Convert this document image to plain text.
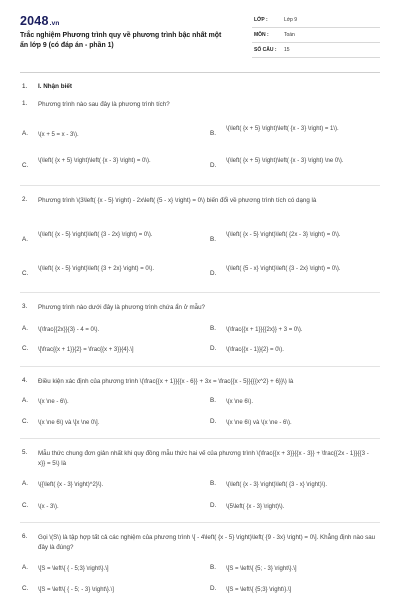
2048.vn
Trắc nghiệm Phương trình quy về phương trình bậc nhất một ẩn lớp 9 (có đáp án - phần 1)
LỚP :	Lớp 9
MÔN :	Toán
SỐ CÂU : 15
1. I. Nhận biết
1. Phương trình nào sau đây là phương trình tích?
A. \(x + 5 = x - 3\).	B.
\(\left( {x + 5} \right)\left( {x - 3} \right) = 1\).
C.
\(\left( {x + 5} \right)\left( {x - 3} \right) = 0\).
D.
\(\left( {x + 5} \right)\left( {x - 3} \right) \ne 0\).
2. Phương trình \(3\left( {x - 5} \right) - 2x\left( {5 - x} \right) = 0\) biến đổi về phương trình tích có dạng là
A.
\(\left( {x - 5} \right)\left( {3 - 2x} \right) = 0\).
B.
\(\left( {x - 5} \right)\left( {2x - 3} \right) = 0\).
C.
\(\left( {x - 5} \right)\left( {3 + 2x} \right) = 0\).
D.
\(\left( {5 - x} \right)\left( {3 - 2x} \right) = 0\).
3. Phương trình nào dưới đây là phương trình chứa ẩn ở mẫu?
A. \(\frac{{2x}}{3} - 4 = 0\).	B. \(\frac{{x + 1}}{{2x}} + 3 = 0\).
C. \[\frac{{x + 1}}{2} = \frac{{x + 3}}{4}.\]	D. \(\frac{{x - 1}}{2} = 0\).
4. Điều kiện xác định của phương trình \(\frac{{x + 1}}{{x - 6}} + 3x = \frac{{x - 5}}{{{x^2} + 6}}\) là
A. \(x \ne - 6\).	B. \(x \ne 6\).
C. \(x \ne 6\) và \[x \ne 0\].	D. \(x \ne 6\) và \(x \ne - 6\).
5. Mẫu thức chung đơn giản nhất khi quy đồng mẫu thức hai vế của phương trình \(\frac{{x + 3}}{{x - 3}} + \frac{{2x - 1}}{{3 - x}} = 5\) là
A. \({\left( {x - 3} \right)^2}\).	B. \(\left( {x - 3} \right)\left( {3 - x} \right)\).
C. \(x - 3\).	D. \(5\left( {x - 3} \right)\).
6. Gọi \(S\) là tập hợp tất cả các nghiệm của phương trình \[ - 4\left( {x - 5} \right)\left( {9 - 3x} \right) = 0\]. Khẳng định nào sau đây là đúng?
A. \[S = \left\{ { - 5;3} \right\}.\]	B. \[S = \left\{ {5; - 3} \right\}.\]
C. \[S = \left\{ { - 5; - 3} \right\}.\]	D. \[S = \left\{ {5;3} \right\}.\]
